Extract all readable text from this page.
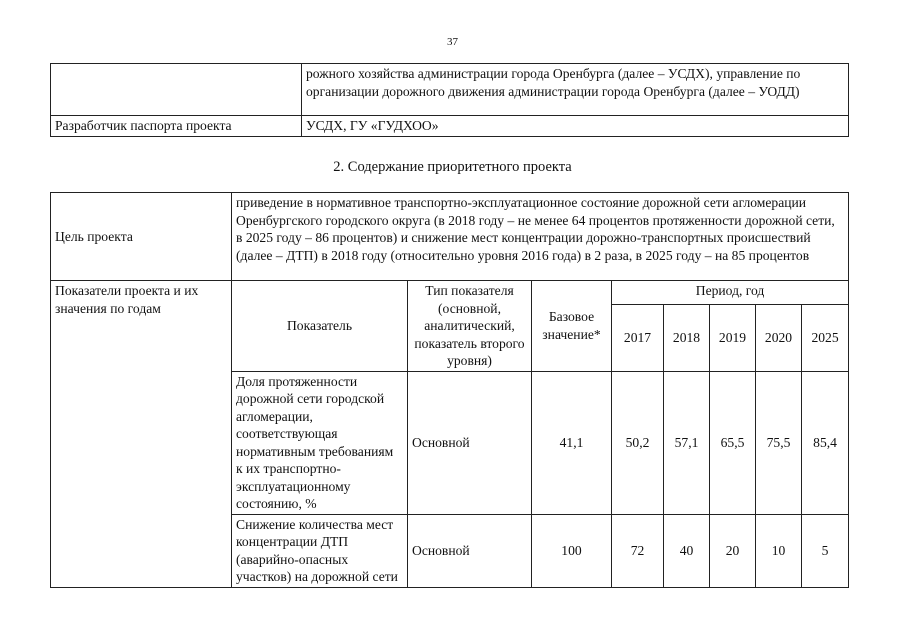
37
	рожного хозяйства администрации города Оренбурга (далее – УСДХ), управление по организации дорожного движения администрации города Оренбурга (далее – УОДД)
Разработчик паспорта проекта	УСДХ, ГУ «ГУДХОО»
2. Содержание приоритетного проекта
Цель проекта	приведение в нормативное транспортно-эксплуатационное состояние дорожной сети агломерации Оренбургского городского округа (в 2018 году – не менее 64 процентов протяженности дорожной сети, в 2025 году – 86 процентов) и снижение мест концентрации дорожно-транспортных происшествий (далее – ДТП) в 2018 году (относительно уровня 2016 года) в 2 раза, в 2025 году – на 85 процентов							
Показатели проекта и их значения по годам	Показатель	Тип показателя (основной, аналитический, показатель второго уровня)	Базовое значение*	Период, год				
				2017	2018	2019	2020	2025
	Доля протяженности дорожной сети городской агломерации, соответствующая нормативным требованиям к их транспортно-эксплуатационному состоянию, %	Основной	41,1	50,2	57,1	65,5	75,5	85,4
	Снижение количества мест концентрации ДТП (аварийно-опасных участков) на дорожной сети	Основной	100	72	40	20	10	5
